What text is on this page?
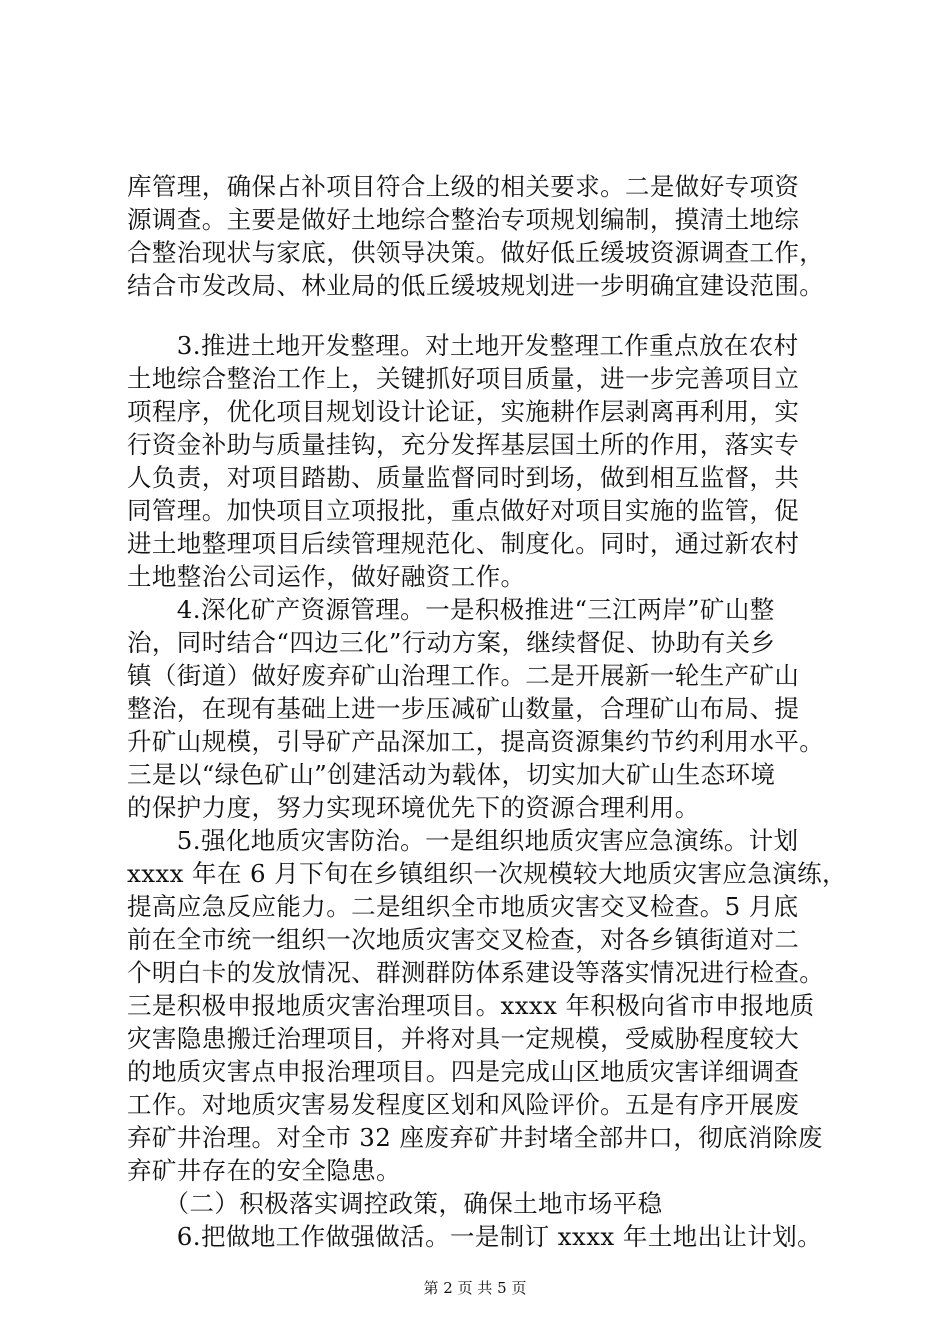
库管理，确保占补项目符合上级的相关要求。二是做好专项资
源调查。主要是做好土地综合整治专项规划编制，摸清土地综
合整治现状与家底，供领导决策。做好低丘缓坡资源调查工作，
结合市发改局、林业局的低丘缓坡规划进一步明确宜建设范围。
　　3.推进土地开发整理。对土地开发整理工作重点放在农村
土地综合整治工作上，关键抓好项目质量，进一步完善项目立
项程序，优化项目规划设计论证，实施耕作层剥离再利用，实
行资金补助与质量挂钩，充分发挥基层国土所的作用，落实专
人负责，对项目踏勘、质量监督同时到场，做到相互监督，共
同管理。加快项目立项报批，重点做好对项目实施的监管，促
进土地整理项目后续管理规范化、制度化。同时，通过新农村
土地整治公司运作，做好融资工作。
　　4.深化矿产资源管理。一是积极推进“三江两岸”矿山整
治，同时结合“四边三化”行动方案，继续督促、协助有关乡
镇（街道）做好废弃矿山治理工作。二是开展新一轮生产矿山
整治，在现有基础上进一步压减矿山数量，合理矿山布局、提
升矿山规模，引导矿产品深加工，提高资源集约节约利用水平。
三是以“绿色矿山”创建活动为载体，切实加大矿山生态环境
的保护力度，努力实现环境优先下的资源合理利用。
　　5.强化地质灾害防治。一是组织地质灾害应急演练。计划
xxxx 年在 6 月下旬在乡镇组织一次规模较大地质灾害应急演练，
提高应急反应能力。二是组织全市地质灾害交叉检查。5 月底
前在全市统一组织一次地质灾害交叉检查，对各乡镇街道对二
个明白卡的发放情况、群测群防体系建设等落实情况进行检查。
三是积极申报地质灾害治理项目。xxxx 年积极向省市申报地质
灾害隐患搬迁治理项目，并将对具一定规模，受威胁程度较大
的地质灾害点申报治理项目。四是完成山区地质灾害详细调查
工作。对地质灾害易发程度区划和风险评价。五是有序开展废
弃矿井治理。对全市 32 座废弃矿井封堵全部井口，彻底消除废
弃矿井存在的安全隐患。
　　（二）积极落实调控政策，确保土地市场平稳
　　6.把做地工作做强做活。一是制订 xxxx 年土地出让计划。
第 2 页 共 5 页
